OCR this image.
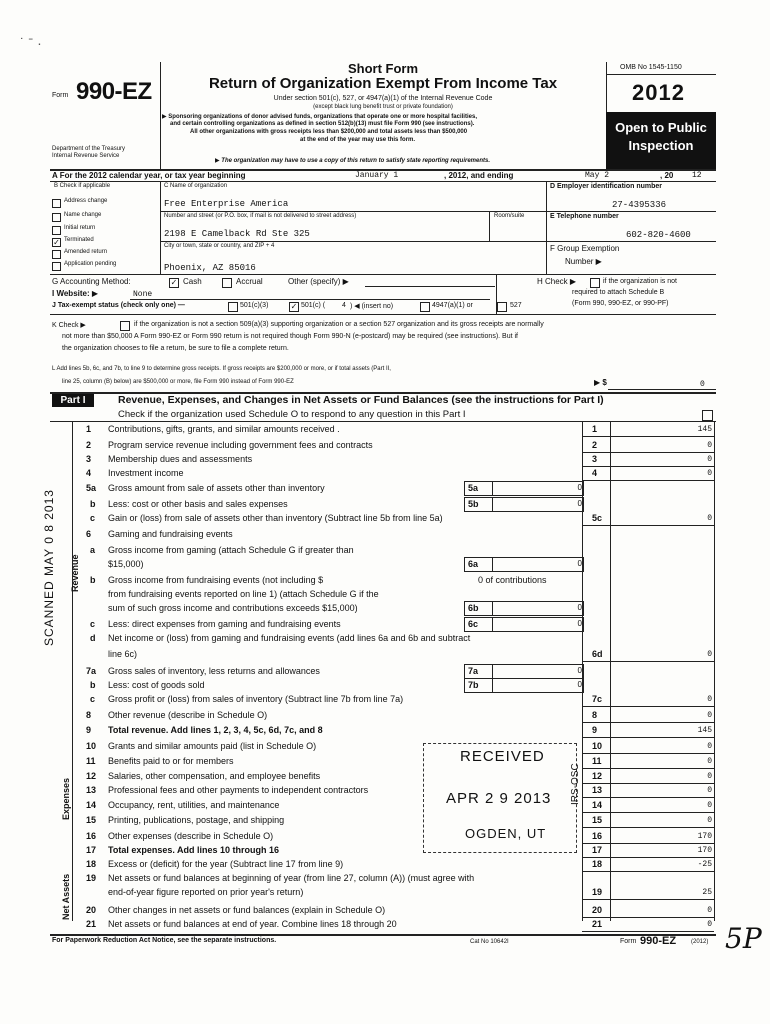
Form 990-EZ
Department of the Treasury
Internal Revenue Service
Short Form
Return of Organization Exempt From Income Tax
Under section 501(c), 527, or 4947(a)(1) of the Internal Revenue Code
(except black lung benefit trust or private foundation)
▶ Sponsoring organizations of donor advised funds, organizations that operate one or more hospital facilities,
and certain controlling organizations as defined in section 512(b)(13) must file Form 990 (see instructions).
All other organizations with gross receipts less than $200,000 and total assets less than $500,000
at the end of the year may use this form.
▶ The organization may have to use a copy of this return to satisfy state reporting requirements.
OMB No 1545-1150
2012
Open to Public
Inspection
A For the 2012 calendar year, or tax year beginning	January 1	, 2012, and ending	May 2	, 20 12
B Check if applicable
Address change
Name change
Initial return
✓ Terminated
Amended return
Application pending
C Name of organization
Free Enterprise America
Number and street (or P.O. box, if mail is not delivered to street address)	Room/suite
2198 E Camelback Rd Ste 325
City or town, state or country, and ZIP + 4
Phoenix, AZ 85016
D Employer identification number
27-4395336
E Telephone number
602-820-4600
F Group Exemption
Number ▶
G Accounting Method:	✓ Cash	Accrual	Other (specify) ▶	H Check ▶	if the organization is not
required to attach Schedule B
(Form 990, 990-EZ, or 990-PF)
I Website: ▶	None
J Tax-exempt status (check only one) —	501(c)(3)	✓ 501(c) ( 4 ) ◀ (insert no)	4947(a)(1) or	527
K Check ▶	if the organization is not a section 509(a)(3) supporting organization or a section 527 organization and its gross receipts are normally
not more than $50,000 A Form 990-EZ or Form 990 return is not required though Form 990-N (e-postcard) may be required (see instructions). But if
the organization chooses to file a return, be sure to file a complete return.
L Add lines 5b, 6c, and 7b, to line 9 to determine gross receipts. If gross receipts are $200,000 or more, or if total assets (Part II,
line 25, column (B) below) are $500,000 or more, file Form 990 instead of Form 990-EZ	▶ $	0
Part I	Revenue, Expenses, and Changes in Net Assets or Fund Balances (see the instructions for Part I)
Check if the organization used Schedule O to respond to any question in this Part I
1 Contributions, gifts, grants, and similar amounts received .	1	145
2 Program service revenue including government fees and contracts	2	0
3 Membership dues and assessments	3	0
4 Investment income	4	0
5a Gross amount from sale of assets other than inventory	5a	0
b Less: cost or other basis and sales expenses	5b	0
c Gain or (loss) from sale of assets other than inventory (Subtract line 5b from line 5a)	5c	0
6 Gaming and fundraising events
a Gross income from gaming (attach Schedule G if greater than
$15,000)	6a	0
b Gross income from fundraising events (not including $	0 of contributions
from fundraising events reported on line 1) (attach Schedule G if the
sum of such gross income and contributions exceeds $15,000)	6b	0
c Less: direct expenses from gaming and fundraising events	6c	0
d Net income or (loss) from gaming and fundraising events (add lines 6a and 6b and subtract
line 6c)	6d	0
7a Gross sales of inventory, less returns and allowances	7a	0
b Less: cost of goods sold	7b	0
c Gross profit or (loss) from sales of inventory (Subtract line 7b from line 7a)	7c	0
8 Other revenue (describe in Schedule O)	8	0
9 Total revenue. Add lines 1, 2, 3, 4, 5c, 6d, 7c, and 8	9	145
10 Grants and similar amounts paid (list in Schedule O)	10	0
11 Benefits paid to or for members	11	0
12 Salaries, other compensation, and employee benefits	12	0
13 Professional fees and other payments to independent contractors	13	0
14 Occupancy, rent, utilities, and maintenance	14	0
15 Printing, publications, postage, and shipping	15	0
16 Other expenses (describe in Schedule O)	16	170
17 Total expenses. Add lines 10 through 16	17	170
18 Excess or (deficit) for the year (Subtract line 17 from line 9)	18	-25
19 Net assets or fund balances at beginning of year (from line 27, column (A)) (must agree with
end-of-year figure reported on prior year's return)	19	25
20 Other changes in net assets or fund balances (explain in Schedule O)	20	0
21 Net assets or fund balances at end of year. Combine lines 18 through 20	21	0
Revenue
Expenses
Net Assets
SCANNED MAY 0 8 2013
RECEIVED
APR 2 9 2013
OGDEN, UT
IRS-OSC
For Paperwork Reduction Act Notice, see the separate instructions.	Cat No 10642I	Form 990-EZ (2012) 5P
˙ ˉ ·
